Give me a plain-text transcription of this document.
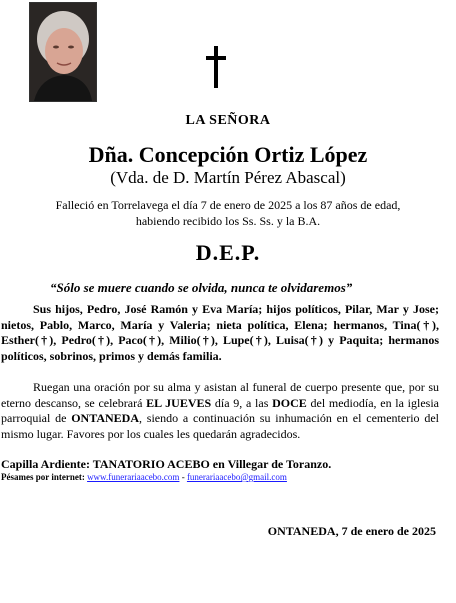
LA SEÑORA
Dña. Concepción Ortiz López
(Vda. de D. Martín Pérez Abascal)
Falleció en Torrelavega el día 7 de enero de 2025 a los 87 años de edad,
habiendo recibido los Ss. Ss. y la B.A.
D.E.P.
“Sólo se muere cuando se olvida, nunca te olvidaremos”

Sus hijos, Pedro, José Ramón y Eva María; hijos políticos, Pilar, Mar y Jose; nietos, Pablo, Marco, María y Valeria; nieta política, Elena; hermanos, Tina(†), Esther(†), Pedro(†), Paco(†), Milio(†), Lupe(†), Luisa(†) y Paquita; hermanos políticos, sobrinos, primos y demás familia.

Ruegan una oración por su alma y asistan al funeral de cuerpo presente que, por su eterno descanso, se celebrará EL JUEVES día 9, a las DOCE del mediodía, en la iglesia parroquial de ONTANEDA, siendo a continuación su inhumación en el cementerio del mismo lugar. Favores por los cuales les quedarán agradecidos.

Capilla Ardiente: TANATORIO ACEBO en Villegar de Toranzo.
Pésames por internet: www.funerariaacebo.com - funerariaacebo@gmail.com
ONTANEDA, 7 de enero de 2025
